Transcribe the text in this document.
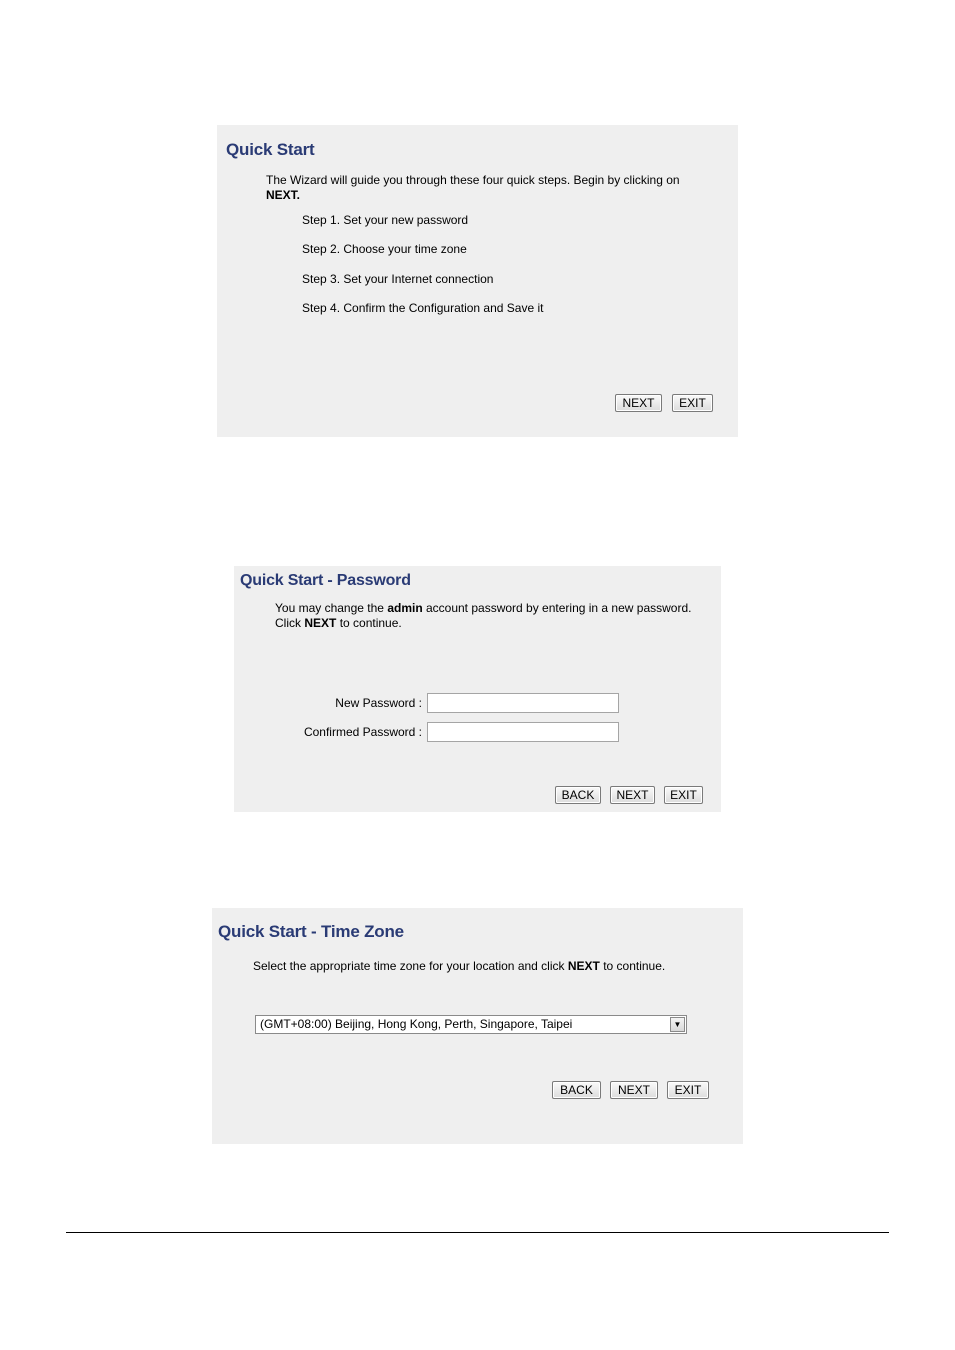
Quick Start
The Wizard will guide you through these four quick steps. Begin by clicking on
NEXT.
Step 1. Set your new password
Step 2. Choose your time zone
Step 3. Set your Internet connection
Step 4. Confirm the Configuration and Save it
NEXT	EXIT
Quick Start - Password
You may change the admin account password by entering in a new password.
Click NEXT to continue.
New Password :
Confirmed Password :
BACK	NEXT	EXIT
Quick Start - Time Zone
Select the appropriate time zone for your location and click NEXT to continue.
(GMT+08:00) Beijing, Hong Kong, Perth, Singapore, Taipei	▼
BACK	NEXT	EXIT
